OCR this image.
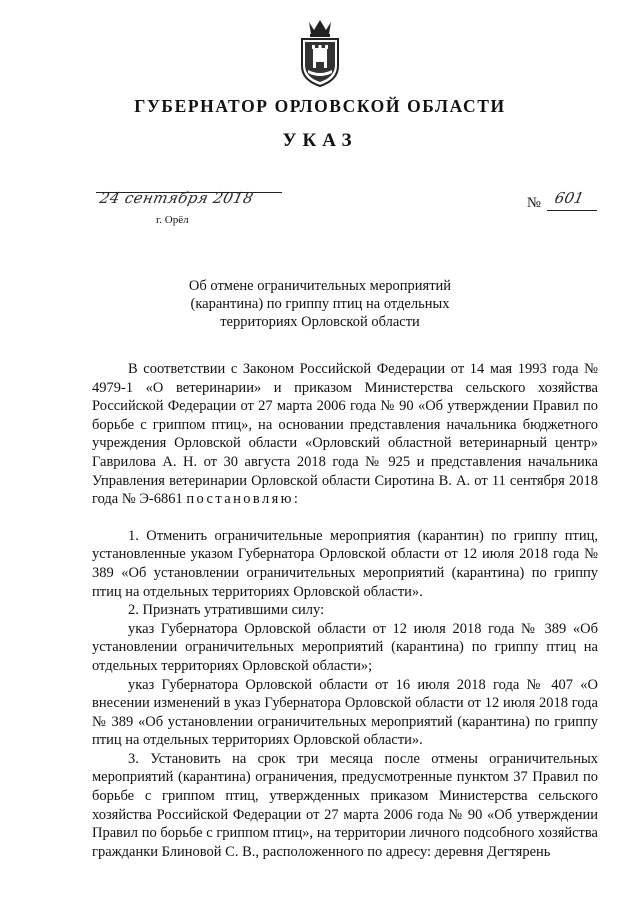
ГУБЕРНАТОР ОРЛОВСКОЙ ОБЛАСТИ
УКАЗ
24 сентября 2018
г. Орёл
№ 601
Об отмене ограничительных мероприятий (карантина) по гриппу птиц на отдельных территориях Орловской области

В соответствии с Законом Российской Федерации от 14 мая 1993 года № 4979-1 «О ветеринарии» и приказом Министерства сельского хозяйства Российской Федерации от 27 марта 2006 года № 90 «Об утверждении Правил по борьбе с гриппом птиц», на основании представления начальника бюджетного учреждения Орловской области «Орловский областной ветеринарный центр» Гаврилова А. Н. от 30 августа 2018 года № 925 и представления начальника Управления ветеринарии Орловской области Сиротина В. А. от 11 сентября 2018 года № Э-6861 постановляю:

1. Отменить ограничительные мероприятия (карантин) по гриппу птиц, установленные указом Губернатора Орловской области от 12 июля 2018 года № 389 «Об установлении ограничительных мероприятий (карантина) по гриппу птиц на отдельных территориях Орловской области».

2. Признать утратившими силу:

указ Губернатора Орловской области от 12 июля 2018 года № 389 «Об установлении ограничительных мероприятий (карантина) по гриппу птиц на отдельных территориях Орловской области»;

указ Губернатора Орловской области от 16 июля 2018 года № 407 «О внесении изменений в указ Губернатора Орловской области от 12 июля 2018 года № 389 «Об установлении ограничительных мероприятий (карантина) по гриппу птиц на отдельных территориях Орловской области».

3. Установить на срок три месяца после отмены ограничительных мероприятий (карантина) ограничения, предусмотренные пунктом 37 Правил по борьбе с гриппом птиц, утвержденных приказом Министерства сельского хозяйства Российской Федерации от 27 марта 2006 года № 90 «Об утверждении Правил по борьбе с гриппом птиц», на территории личного подсобного хозяйства гражданки Блиновой С. В., расположенного по адресу: деревня Дегтярень
